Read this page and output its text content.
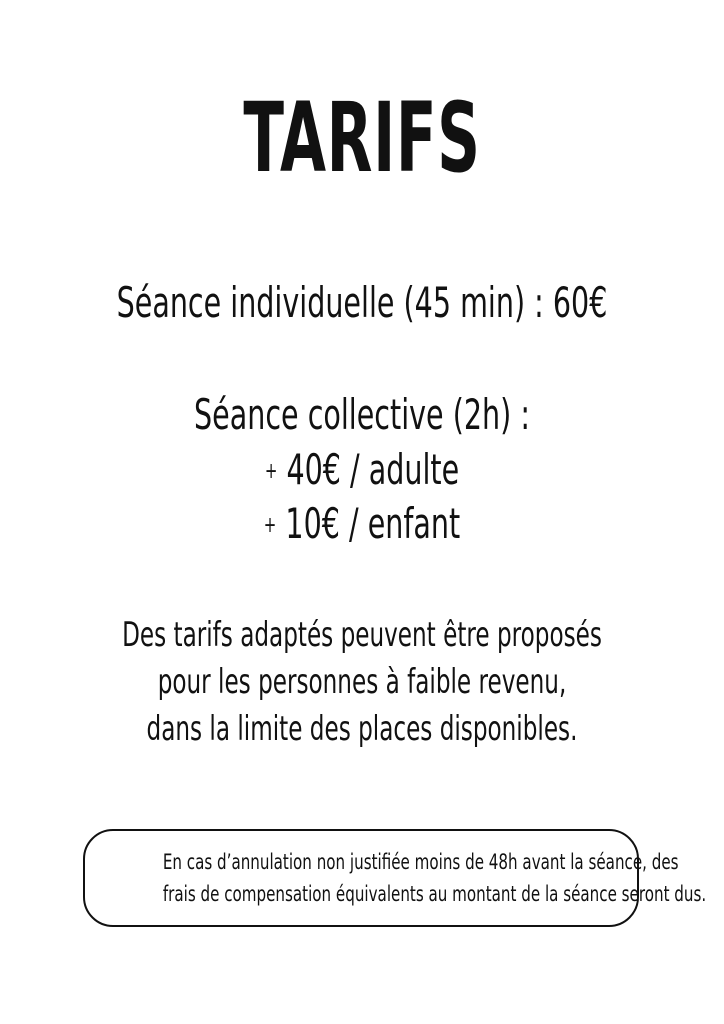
TARIFS
Séance individuelle (45 min) : 60€
Séance collective (2h) :
+ 40€ / adulte
+ 10€ / enfant
Des tarifs adaptés peuvent être proposés
pour les personnes à faible revenu,
dans la limite des places disponibles.
En cas d’annulation non justifiée moins de 48h avant la séance, des
frais de compensation équivalents au montant de la séance seront dus.
